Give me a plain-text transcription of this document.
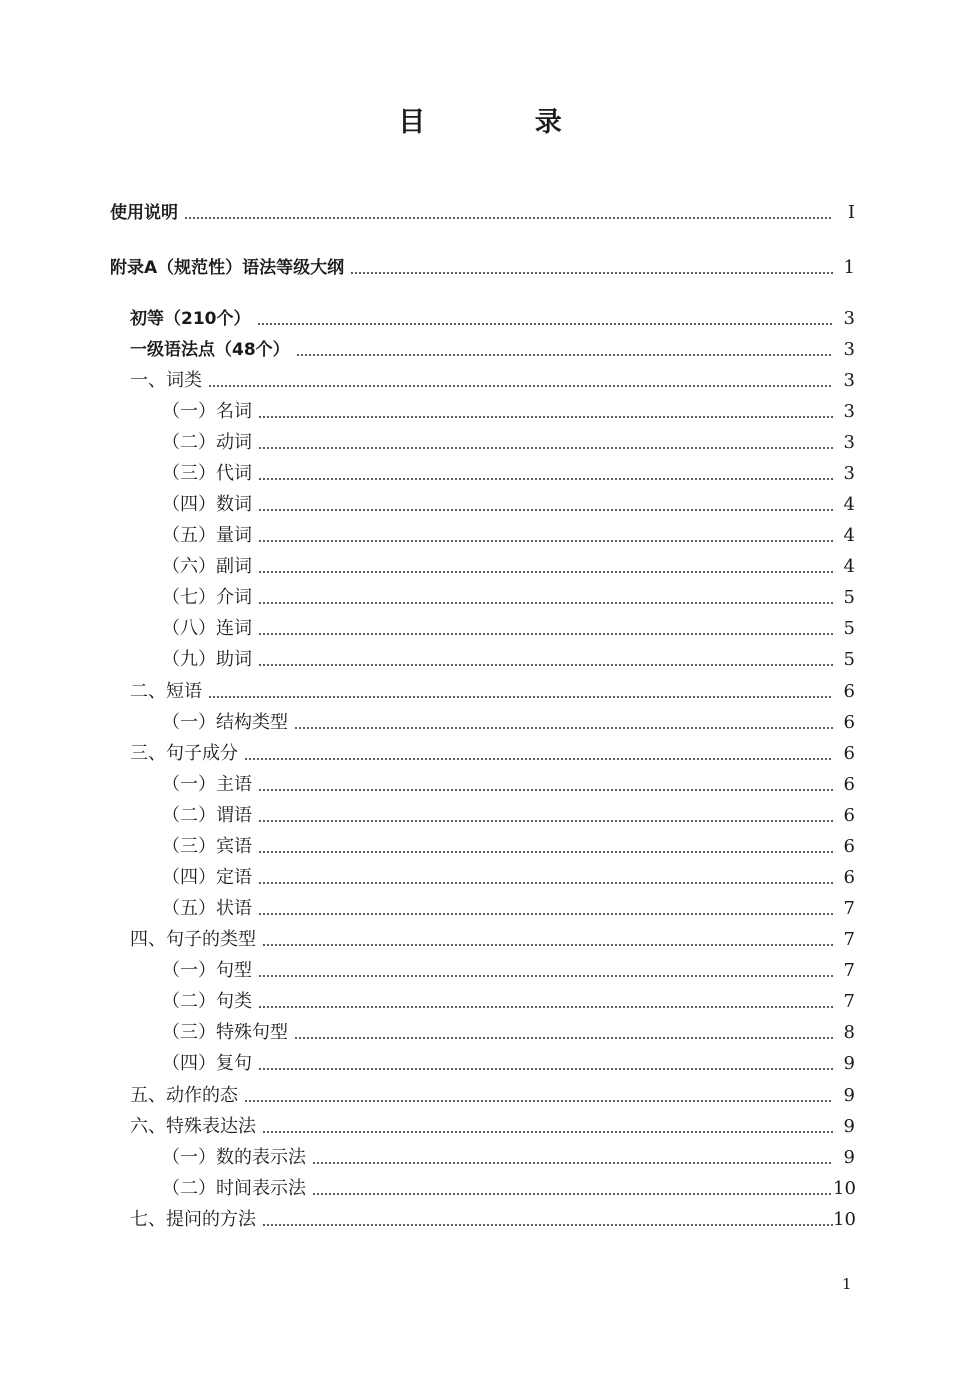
目 录
使用说明	I
附录A（规范性）语法等级大纲	1
初等（210个）	3
一级语法点（48个）	3
一、词类	3
（一）名词	3
（二）动词	3
（三）代词	3
（四）数词	4
（五）量词	4
（六）副词	4
（七）介词	5
（八）连词	5
（九）助词	5
二、短语	6
（一）结构类型	6
三、句子成分	6
（一）主语	6
（二）谓语	6
（三）宾语	6
（四）定语	6
（五）状语	7
四、句子的类型	7
（一）句型	7
（二）句类	7
（三）特殊句型	8
（四）复句	9
五、动作的态	9
六、特殊表达法	9
（一）数的表示法	9
（二）时间表示法	10
七、提问的方法	10
1
